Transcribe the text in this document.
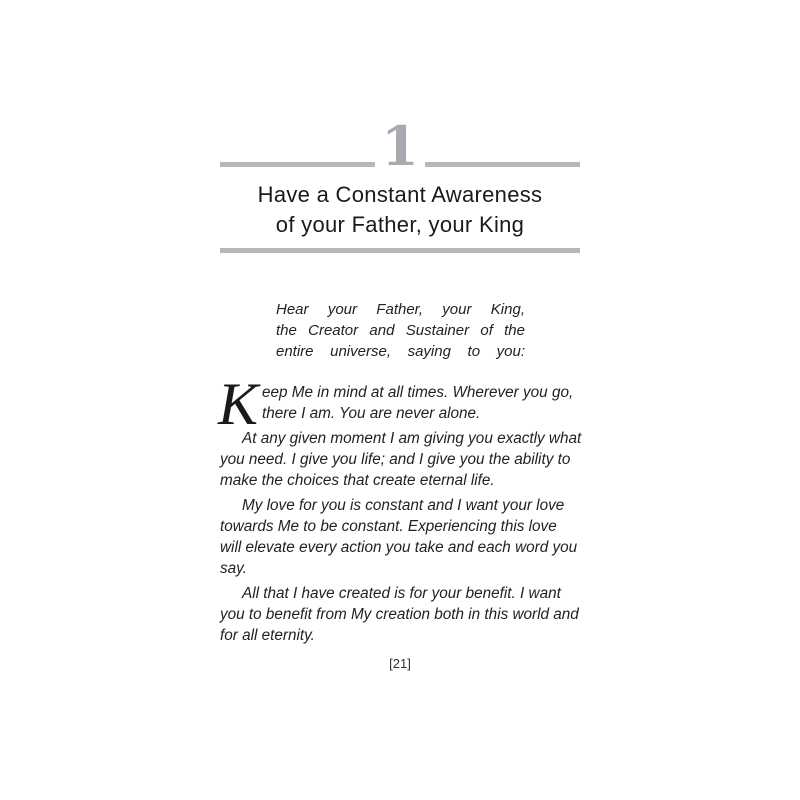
1
Have a Constant Awareness
of your Father, your King
Hear your Father, your King,
the Creator and Sustainer of the
entire universe, saying to you:

Keep Me in mind at all times. Wherever you go, there I am. You are never alone.

At any given moment I am giving you exactly what you need. I give you life; and I give you the ability to make the choices that create eternal life.

My love for you is constant and I want your love towards Me to be constant. Experiencing this love will elevate every action you take and each word you say.

All that I have created is for your benefit. I want you to benefit from My creation both in this world and for all eternity.

[21]
